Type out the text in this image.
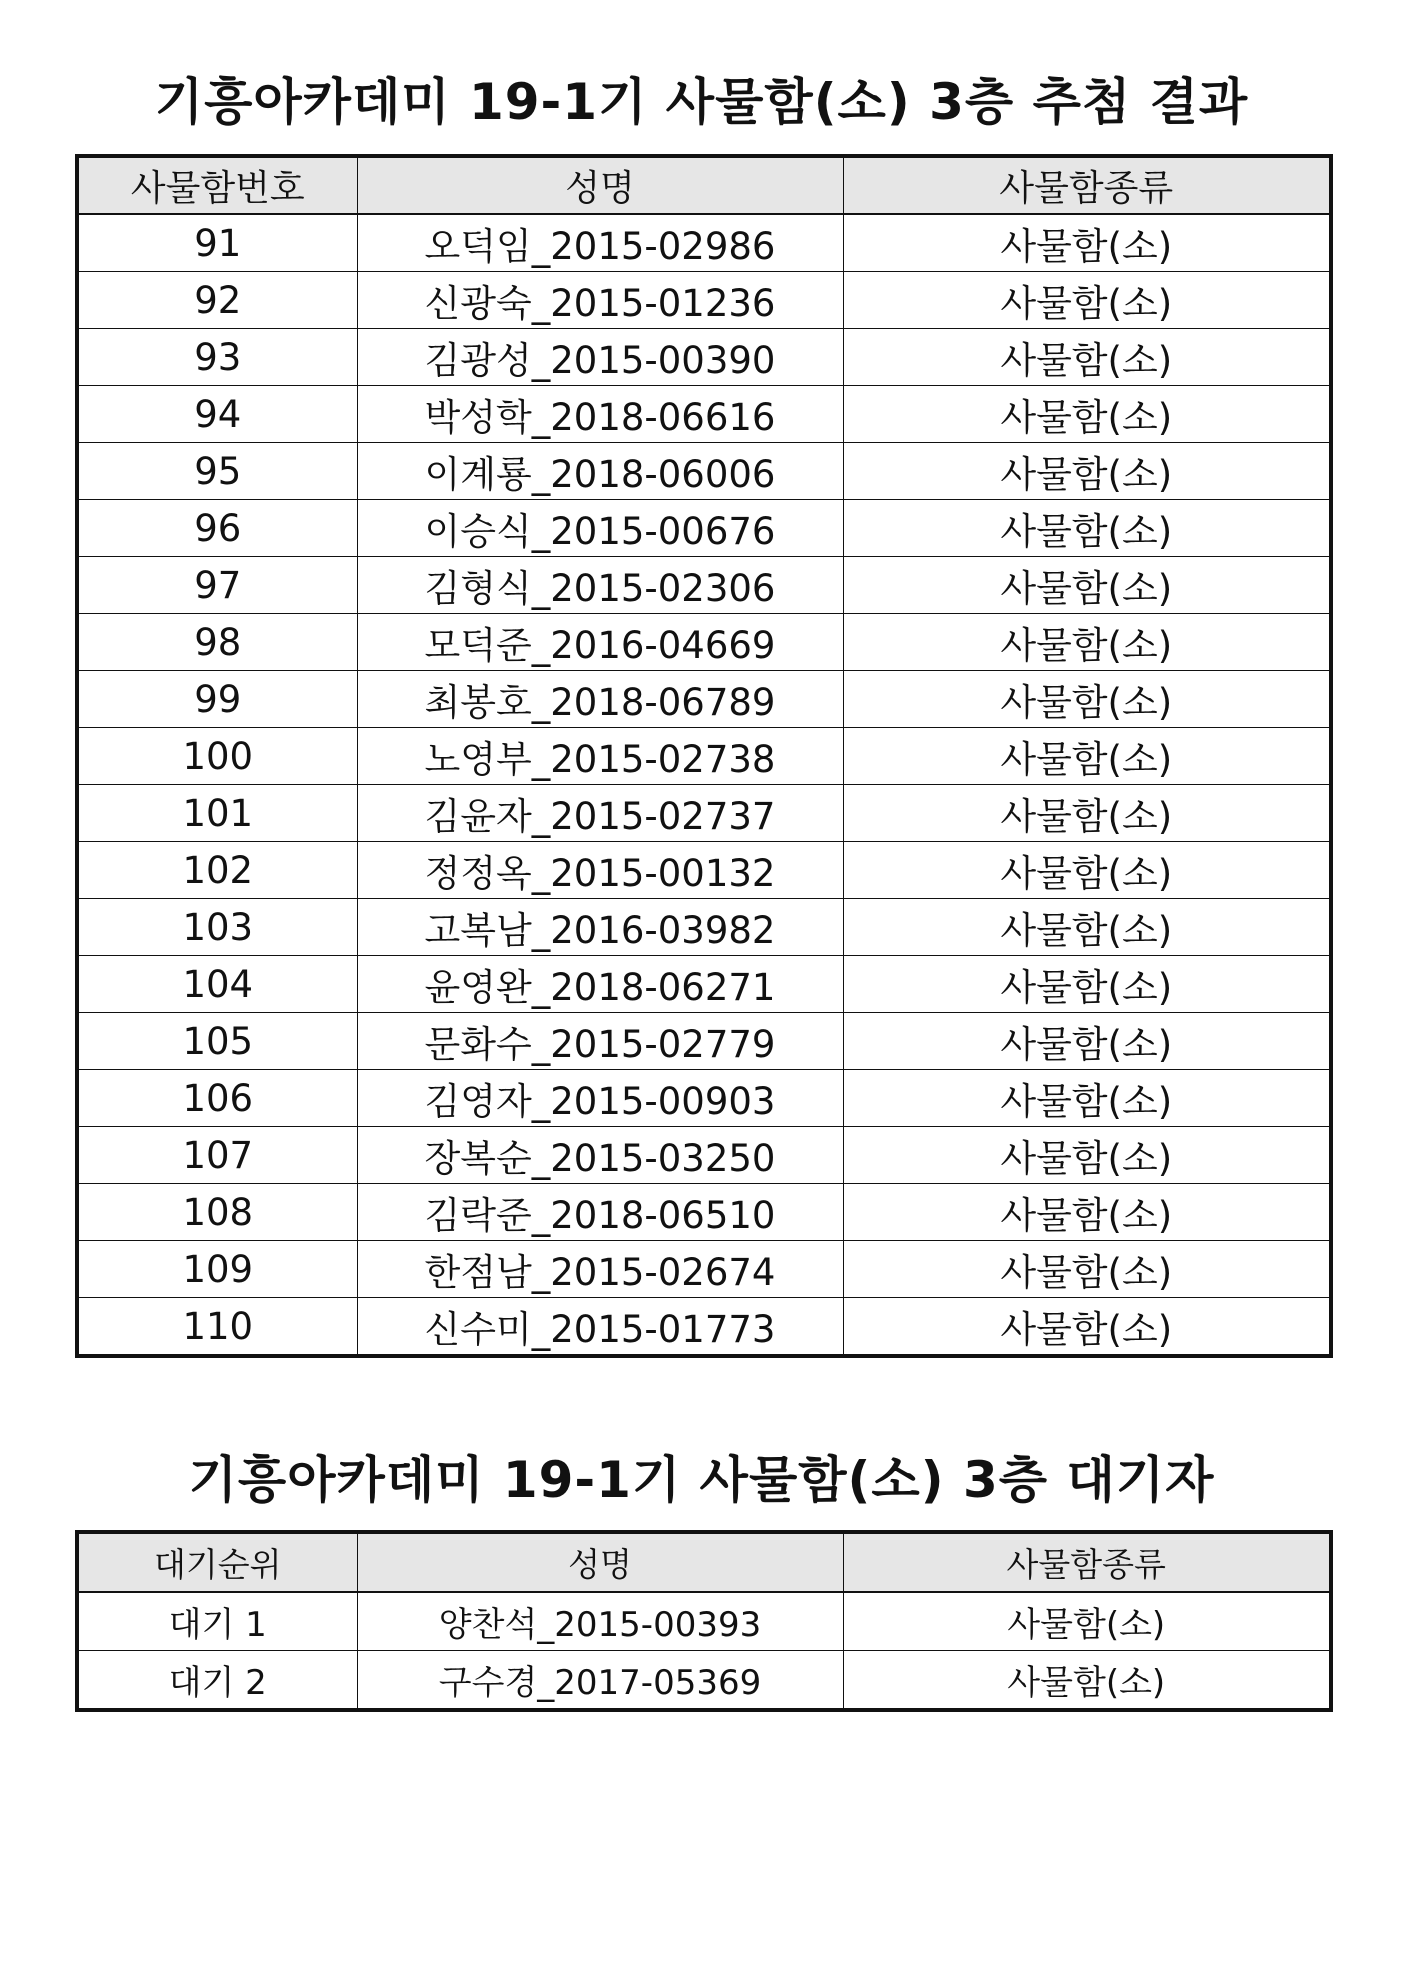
기흥아카데미 19-1기 사물함(소) 3층 추첨 결과
사물함번호	성명	사물함종류
91	오덕임_2015-02986	사물함(소)
92	신광숙_2015-01236	사물함(소)
93	김광성_2015-00390	사물함(소)
94	박성학_2018-06616	사물함(소)
95	이계룡_2018-06006	사물함(소)
96	이승식_2015-00676	사물함(소)
97	김형식_2015-02306	사물함(소)
98	모덕준_2016-04669	사물함(소)
99	최봉호_2018-06789	사물함(소)
100	노영부_2015-02738	사물함(소)
101	김윤자_2015-02737	사물함(소)
102	정정옥_2015-00132	사물함(소)
103	고복남_2016-03982	사물함(소)
104	윤영완_2018-06271	사물함(소)
105	문화수_2015-02779	사물함(소)
106	김영자_2015-00903	사물함(소)
107	장복순_2015-03250	사물함(소)
108	김락준_2018-06510	사물함(소)
109	한점남_2015-02674	사물함(소)
110	신수미_2015-01773	사물함(소)
기흥아카데미 19-1기 사물함(소) 3층 대기자
대기순위	성명	사물함종류
대기 1	양찬석_2015-00393	사물함(소)
대기 2	구수경_2017-05369	사물함(소)
